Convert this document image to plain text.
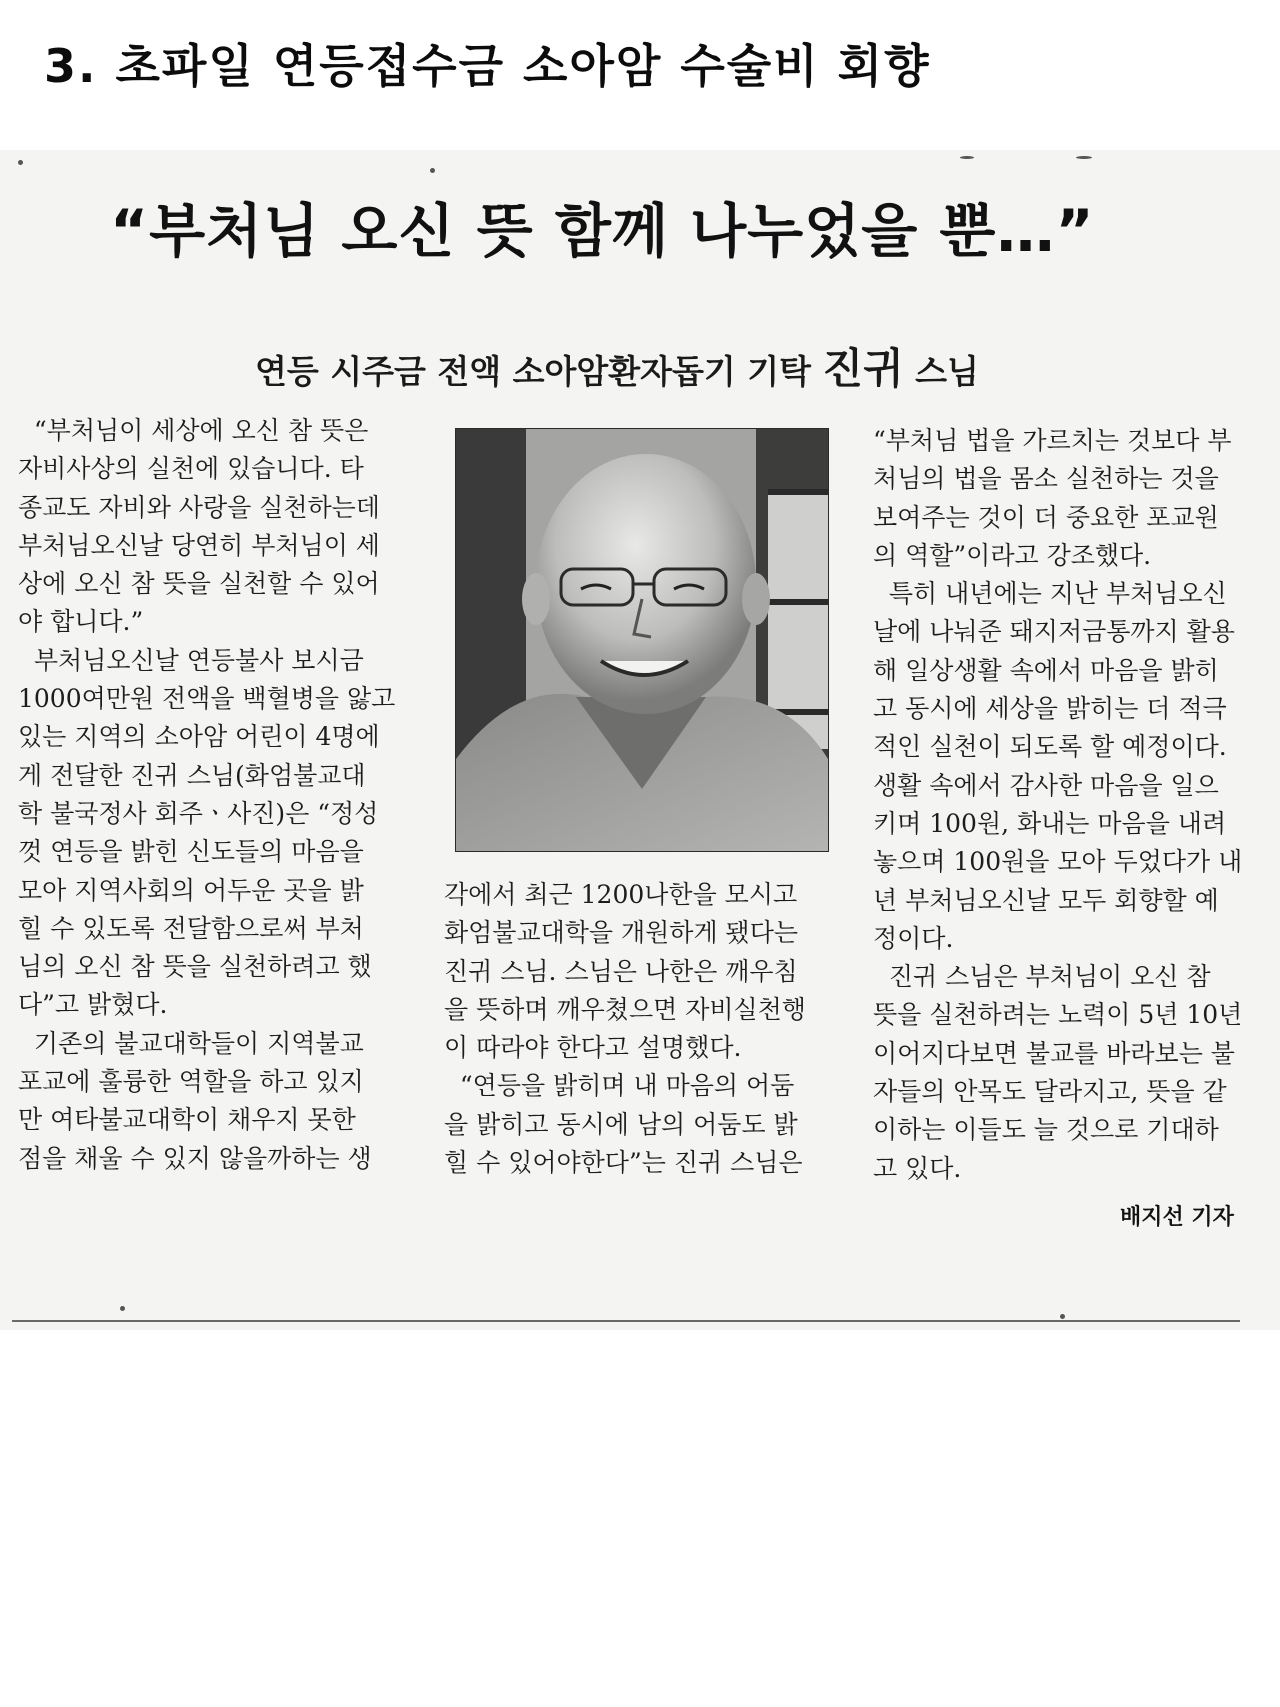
3. 초파일 연등접수금 소아암 수술비 회향
“부처님 오신 뜻 함께 나누었을 뿐…”
연등 시주금 전액 소아암환자돕기 기탁 진귀 스님
“부처님이 세상에 오신 참 뜻은
자비사상의 실천에 있습니다. 타
종교도 자비와 사랑을 실천하는데
부처님오신날 당연히 부처님이 세
상에 오신 참 뜻을 실천할 수 있어
야 합니다.”
부처님오신날 연등불사 보시금
1000여만원 전액을 백혈병을 앓고
있는 지역의 소아암 어린이 4명에
게 전달한 진귀 스님(화엄불교대
학 불국정사 회주ㆍ사진)은 “정성
껏 연등을 밝힌 신도들의 마음을
모아 지역사회의 어두운 곳을 밝
힐 수 있도록 전달함으로써 부처
님의 오신 참 뜻을 실천하려고 했
다”고 밝혔다.
기존의 불교대학들이 지역불교
포교에 훌륭한 역할을 하고 있지
만 여타불교대학이 채우지 못한
점을 채울 수 있지 않을까하는 생
각에서 최근 1200나한을 모시고
화엄불교대학을 개원하게 됐다는
진귀 스님. 스님은 나한은 깨우침
을 뜻하며 깨우쳤으면 자비실천행
이 따라야 한다고 설명했다.
“연등을 밝히며 내 마음의 어둠
을 밝히고 동시에 남의 어둠도 밝
힐 수 있어야한다”는 진귀 스님은
“부처님 법을 가르치는 것보다 부
처님의 법을 몸소 실천하는 것을
보여주는 것이 더 중요한 포교원
의 역할”이라고 강조했다.
특히 내년에는 지난 부처님오신
날에 나눠준 돼지저금통까지 활용
해 일상생활 속에서 마음을 밝히
고 동시에 세상을 밝히는 더 적극
적인 실천이 되도록 할 예정이다.
생활 속에서 감사한 마음을 일으
키며 100원, 화내는 마음을 내려
놓으며 100원을 모아 두었다가 내
년 부처님오신날 모두 회향할 예
정이다.
진귀 스님은 부처님이 오신 참
뜻을 실천하려는 노력이 5년 10년
이어지다보면 불교를 바라보는 불
자들의 안목도 달라지고, 뜻을 같
이하는 이들도 늘 것으로 기대하
고 있다.
배지선 기자
